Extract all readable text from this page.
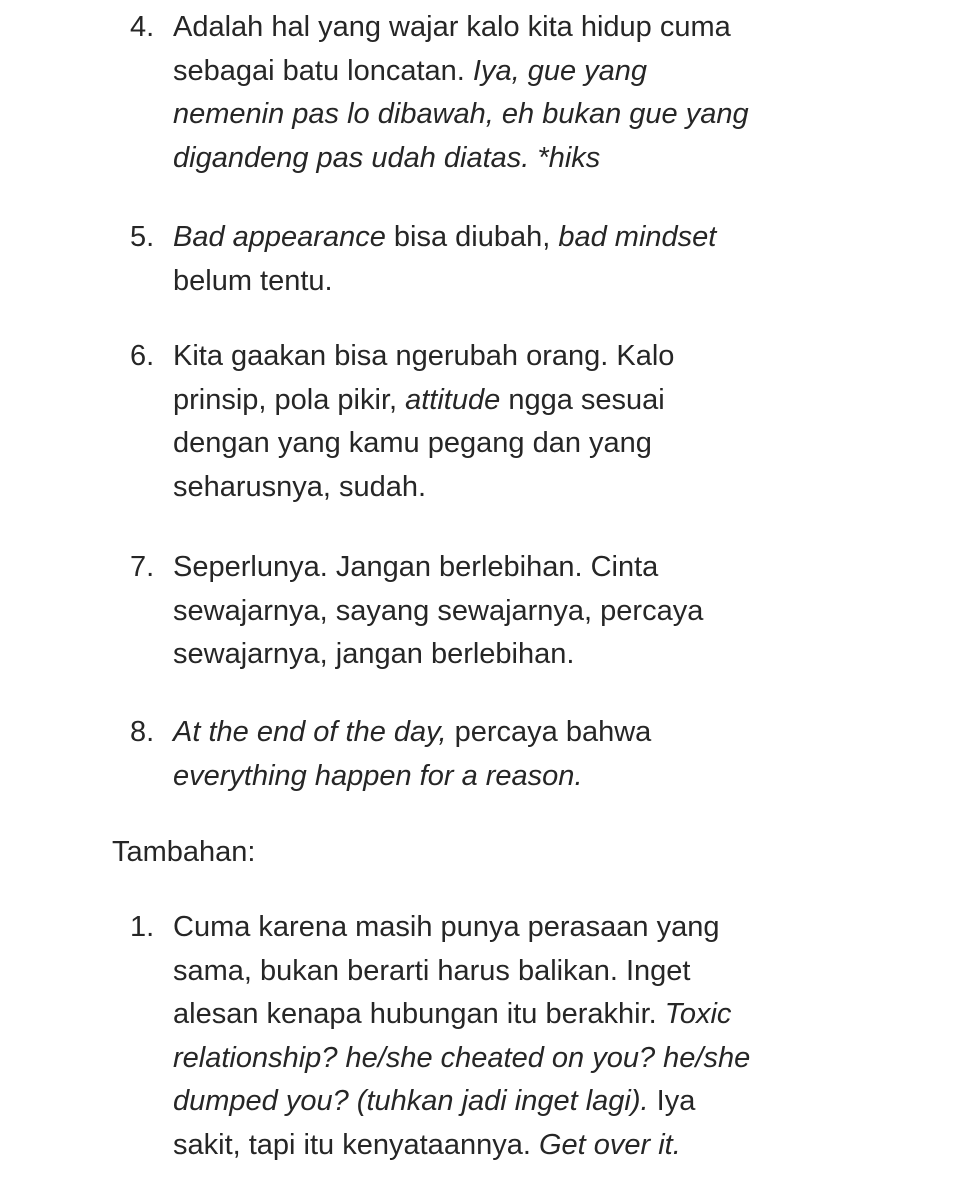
4. Adalah hal yang wajar kalo kita hidup cuma
sebagai batu loncatan. Iya, gue yang
nemenin pas lo dibawah, eh bukan gue yang
digandeng pas udah diatas. *hiks
5. Bad appearance bisa diubah, bad mindset
belum tentu.
6. Kita gaakan bisa ngerubah orang. Kalo
prinsip, pola pikir, attitude ngga sesuai
dengan yang kamu pegang dan yang
seharusnya, sudah.
7. Seperlunya. Jangan berlebihan. Cinta
sewajarnya, sayang sewajarnya, percaya
sewajarnya, jangan berlebihan.
8. At the end of the day, percaya bahwa
everything happen for a reason.
Tambahan:
1. Cuma karena masih punya perasaan yang
sama, bukan berarti harus balikan. Inget
alesan kenapa hubungan itu berakhir. Toxic
relationship? he/she cheated on you? he/she
dumped you? (tuhkan jadi inget lagi). Iya
sakit, tapi itu kenyataannya. Get over it.
